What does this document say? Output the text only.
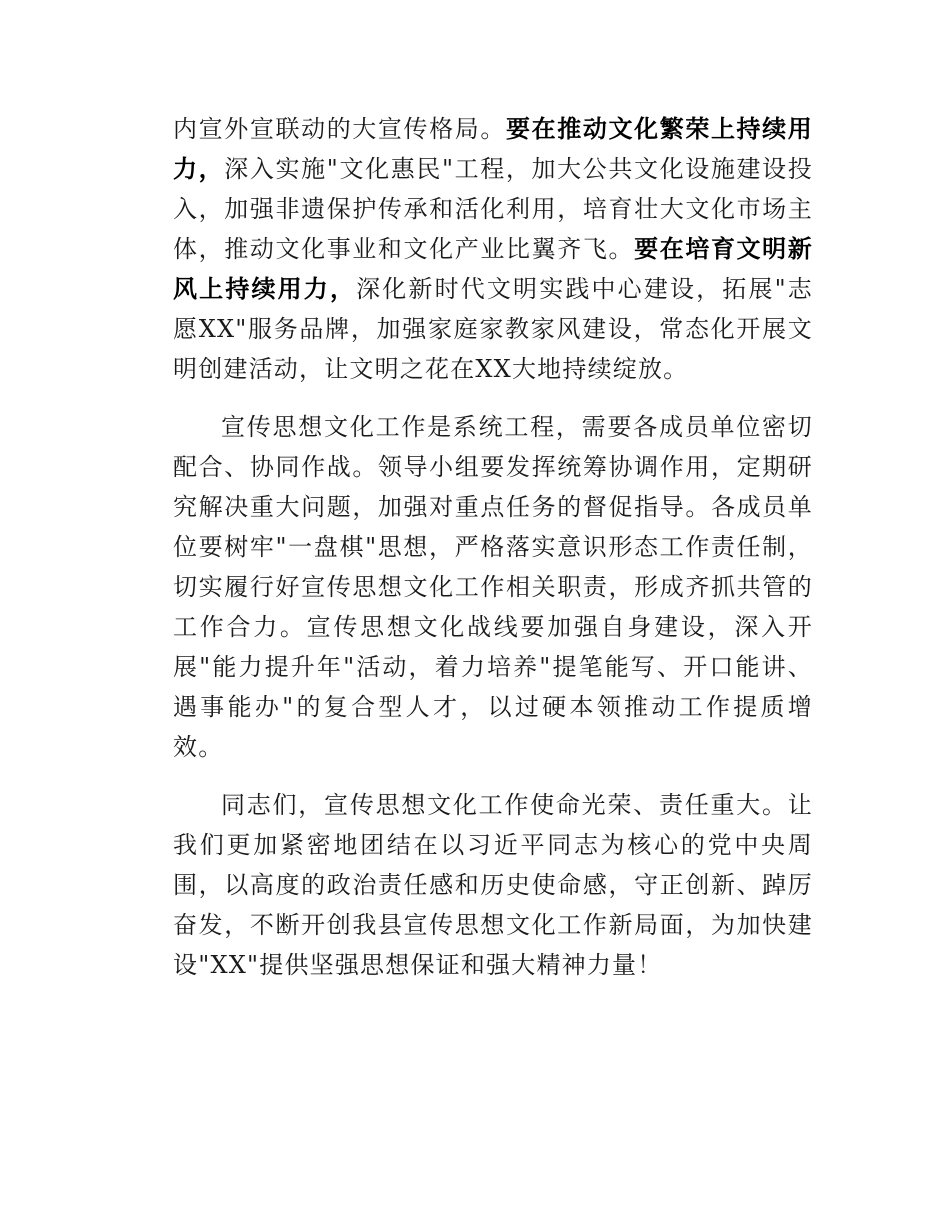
内宣外宣联动的大宣传格局。要在推动文化繁荣上持续用力，深入实施"文化惠民"工程，加大公共文化设施建设投入，加强非遗保护传承和活化利用，培育壮大文化市场主体，推动文化事业和文化产业比翼齐飞。要在培育文明新风上持续用力，深化新时代文明实践中心建设，拓展"志愿XX"服务品牌，加强家庭家教家风建设，常态化开展文明创建活动，让文明之花在XX大地持续绽放。

宣传思想文化工作是系统工程，需要各成员单位密切配合、协同作战。领导小组要发挥统筹协调作用，定期研究解决重大问题，加强对重点任务的督促指导。各成员单位要树牢"一盘棋"思想，严格落实意识形态工作责任制，切实履行好宣传思想文化工作相关职责，形成齐抓共管的工作合力。宣传思想文化战线要加强自身建设，深入开展"能力提升年"活动，着力培养"提笔能写、开口能讲、遇事能办"的复合型人才，以过硬本领推动工作提质增效。

同志们，宣传思想文化工作使命光荣、责任重大。让我们更加紧密地团结在以习近平同志为核心的党中央周围，以高度的政治责任感和历史使命感，守正创新、踔厉奋发，不断开创我县宣传思想文化工作新局面，为加快建设"XX"提供坚强思想保证和强大精神力量！
